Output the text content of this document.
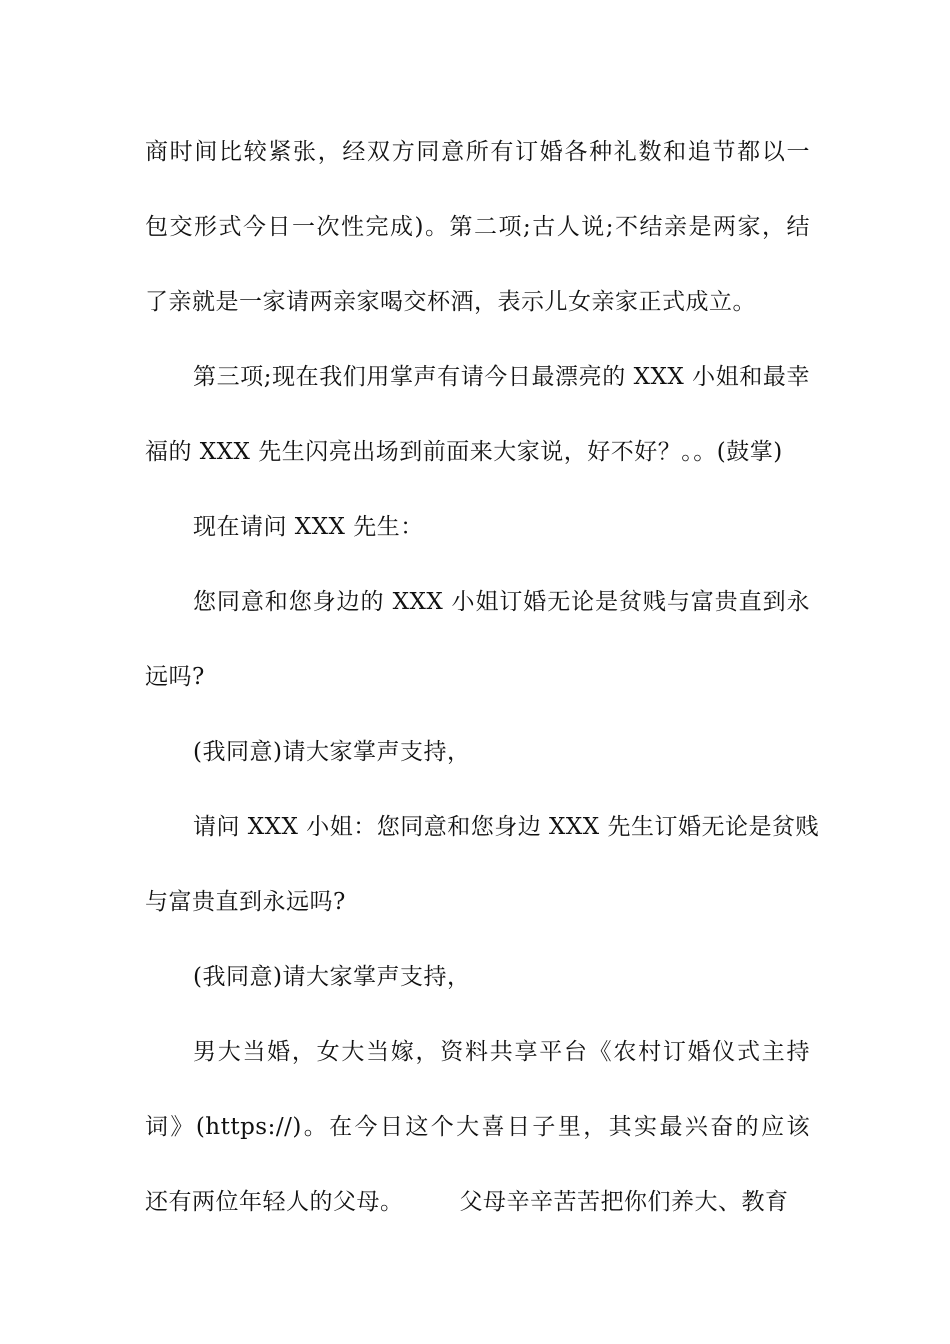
商时间比较紧张，经双方同意所有订婚各种礼数和追节都以一
包交形式今日一次性完成)。第二项;古人说;不结亲是两家，结
了亲就是一家请两亲家喝交杯酒，表示儿女亲家正式成立。
第三项;现在我们用掌声有请今日最漂亮的 XXX 小姐和最幸
福的 XXX 先生闪亮出场到前面来大家说，好不好？。。(鼓掌)
现在请问 XXX 先生：
您同意和您身边的 XXX 小姐订婚无论是贫贱与富贵直到永
远吗?
(我同意)请大家掌声支持，
请问 XXX 小姐：您同意和您身边 XXX 先生订婚无论是贫贱
与富贵直到永远吗?
(我同意)请大家掌声支持，
男大当婚，女大当嫁，资料共享平台《农村订婚仪式主持
词》(https://)。在今日这个大喜日子里，其实最兴奋的应该
还有两位年轻人的父母。 父母辛辛苦苦把你们养大、教育
